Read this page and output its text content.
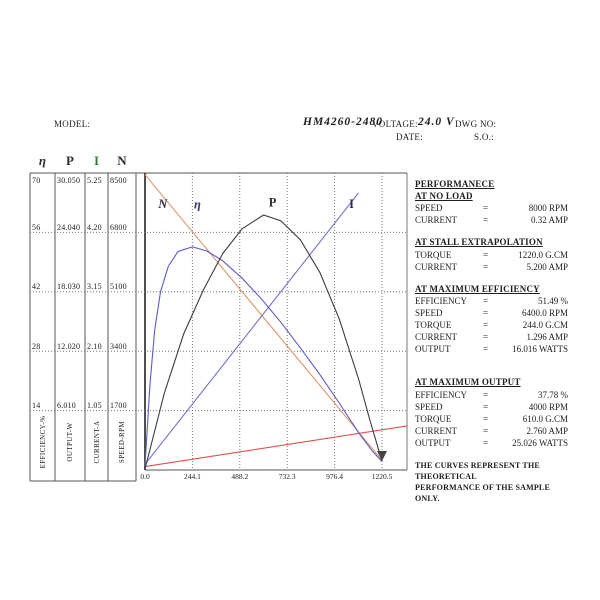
MODEL:	HM4260-2480
VOLTAGE: 24.0 V DWG NO:
DATE:	S.O.:
N η	P	I
η
70
56
42
28
14
EFFICIENCY-%
P
30.050
24.040
18.030
12.020
6.010
OUTPUT-W
I
5.25
4.20
3.15
2.10
1.05
CURRENT-A
N
8500
6800
5100
3400
1700
SPEED-RPM
0.0	244.1	488.2	732.3	976.4	1220.5
PERFORMANECE
AT NO LOAD
SPEED	=	8000 RPM
CURRENT	=	0.32 AMP
AT STALL EXTRAPOLATION
TORQUE	=	1220.0 G.CM
CURRENT	=	5.200 AMP
AT MAXIMUM EFFICIENCY
EFFICIENCY	=	51.49 %
SPEED	=	6400.0 RPM
TORQUE	=	244.0 G.CM
CURRENT	=	1.296 AMP
OUTPUT	=	16.016 WATTS
AT MAXIMUM OUTPUT
EFFICIENCY	=	37.78 %
SPEED	=	4000 RPM
TORQUE	=	610.0 G.CM
CURRENT	=	2.760 AMP
OUTPUT	=	25.026 WATTS
THE CURVES REPRESENT THE THEORETICAL
PERFORMANCE OF THE SAMPLE ONLY.
